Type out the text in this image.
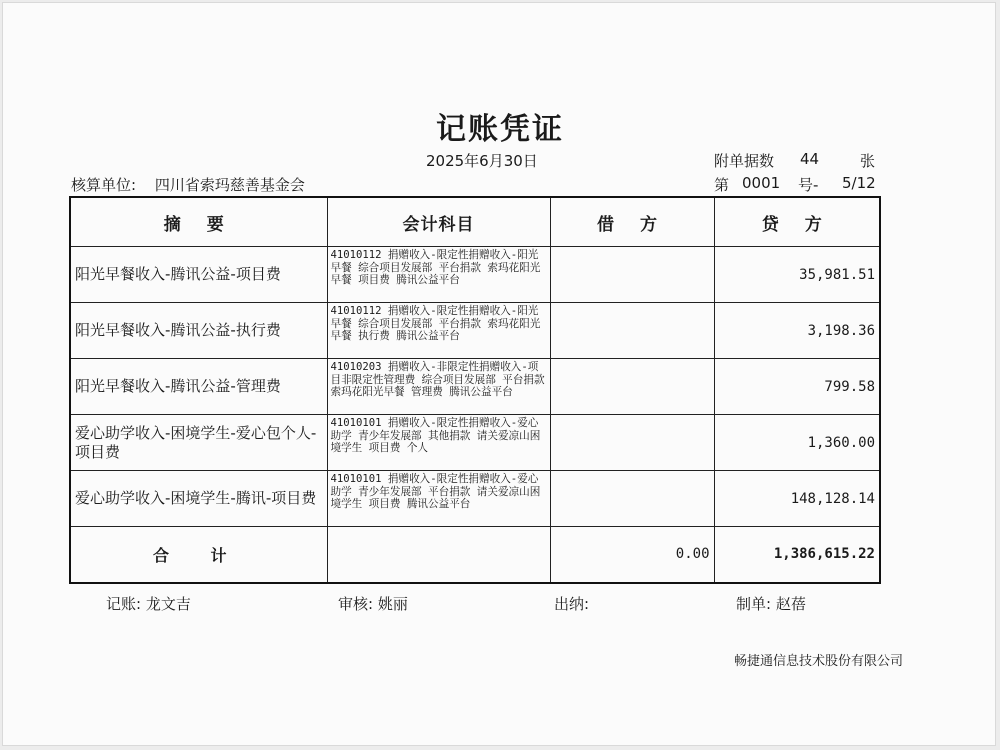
记账凭证
2025年6月30日	附单据数 44	张
核算单位: 四川省索玛慈善基金会	第 0001 号- 5/12
摘 要	会计科目	借 方	贷 方
阳光早餐收入-腾讯公益-项目费	41010112 捐赠收入-限定性捐赠收入-阳光早餐 综合项目发展部 平台捐款 索玛花阳光早餐 项目费 腾讯公益平台		35,981.51
阳光早餐收入-腾讯公益-执行费	41010112 捐赠收入-限定性捐赠收入-阳光早餐 综合项目发展部 平台捐款 索玛花阳光早餐 执行费 腾讯公益平台		3,198.36
阳光早餐收入-腾讯公益-管理费	41010203 捐赠收入-非限定性捐赠收入-项目非限定性管理费 综合项目发展部 平台捐款 索玛花阳光早餐 管理费 腾讯公益平台		799.58
爱心助学收入-困境学生-爱心包个人-项目费	41010101 捐赠收入-限定性捐赠收入-爱心助学 青少年发展部 其他捐款 请关爱凉山困境学生 项目费 个人		1,360.00
爱心助学收入-困境学生-腾讯-项目费	41010101 捐赠收入-限定性捐赠收入-爱心助学 青少年发展部 平台捐款 请关爱凉山困境学生 项目费 腾讯公益平台		148,128.14
合 计		0.00	1,386,615.22
记账: 龙文吉	审核: 姚丽	出纳:	制单: 赵蓓
畅捷通信息技术股份有限公司
